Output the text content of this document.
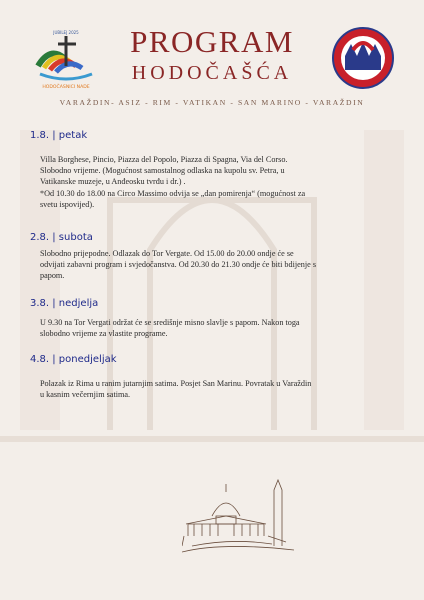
JUBILEJ 2025
HODOČASNICI NADE
PROGRAM
HODOČAŠĆA
VARAŽDIN- ASIZ - RIM - VATIKAN - SAN MARINO - VARAŽDIN
1.8. | petak
Villa Borghese, Pincio, Piazza del Popolo, Piazza di Spagna, Via del Corso.
Slobodno vrijeme. (Mogućnost samostalnog odlaska na kupolu sv. Petra, u
Vatikanske muzeje, u Anđeosku tvrđu i dr.) .
*Od 10.30 do 18.00 na Circo Massimo odvija se „dan pomirenja“ (mogućnost za
svetu ispovijed).
2.8. | subota
Slobodno prijepodne. Odlazak do Tor Vergate. Od 15.00 do 20.00 ondje će se
odvijati zabavni program i svjedočanstva. Od 20.30 do 21.30 ondje će biti bdijenje s
papom.
3.8. | nedjelja
U 9.30 na Tor Vergati održat će se središnje misno slavlje s papom. Nakon toga
slobodno vrijeme za vlastite programe.
4.8. | ponedjeljak
Polazak iz Rima u ranim jutarnjim satima. Posjet San Marinu. Povratak u Varaždin
u kasnim večernjim satima.
